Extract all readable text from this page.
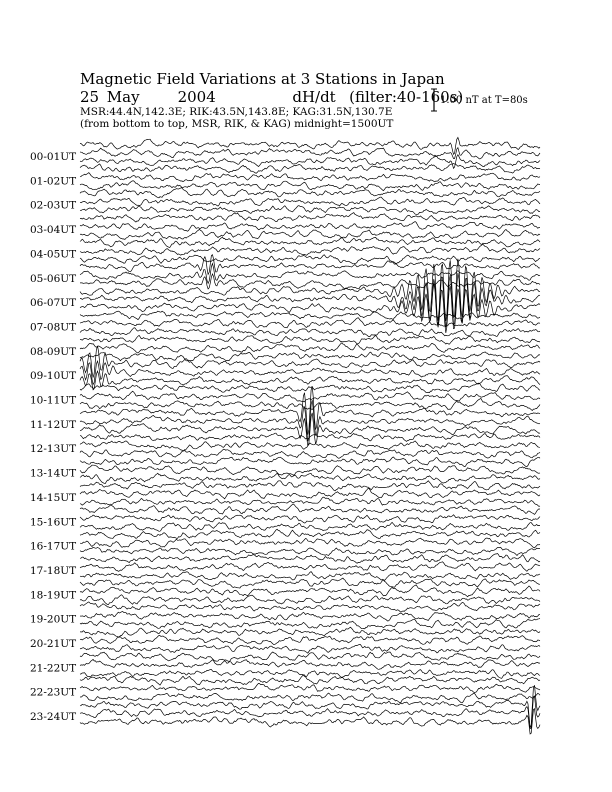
Magnetic Field Variations at 3 Stations in Japan
25 May	2004	dH/dt (filter:40-160s)
MSR:44.4N,142.3E; RIK:43.5N,143.8E; KAG:31.5N,130.7E
(from bottom to top, MSR, RIK, & KAG) midnight=1500UT
1.00 nT at T=80s
00-01UT
01-02UT
02-03UT
03-04UT
04-05UT
05-06UT
06-07UT
07-08UT
08-09UT
09-10UT
10-11UT
11-12UT
12-13UT
13-14UT
14-15UT
15-16UT
16-17UT
17-18UT
18-19UT
19-20UT
20-21UT
21-22UT
22-23UT
23-24UT
